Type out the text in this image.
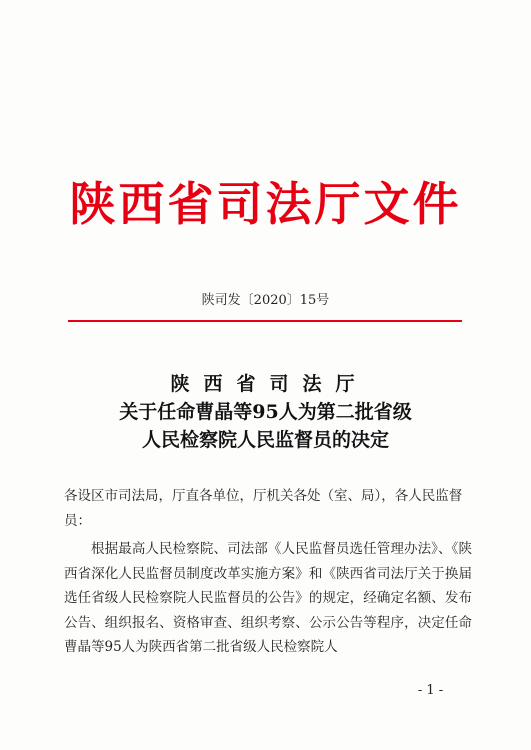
陕西省司法厅文件
陕司发〔2020〕15号
陕西省司法厅
关于任命曹晶等95人为第二批省级
人民检察院人民监督员的决定
各设区市司法局，厅直各单位，厅机关各处（室、局），各人民监督员：
根据最高人民检察院、司法部《人民监督员选任管理办法》、《陕西省深化人民监督员制度改革实施方案》和《陕西省司法厅关于换届选任省级人民检察院人民监督员的公告》的规定，经确定名额、发布公告、组织报名、资格审查、组织考察、公示公告等程序，决定任命曹晶等95人为陕西省第二批省级人民检察院人
- 1 -
